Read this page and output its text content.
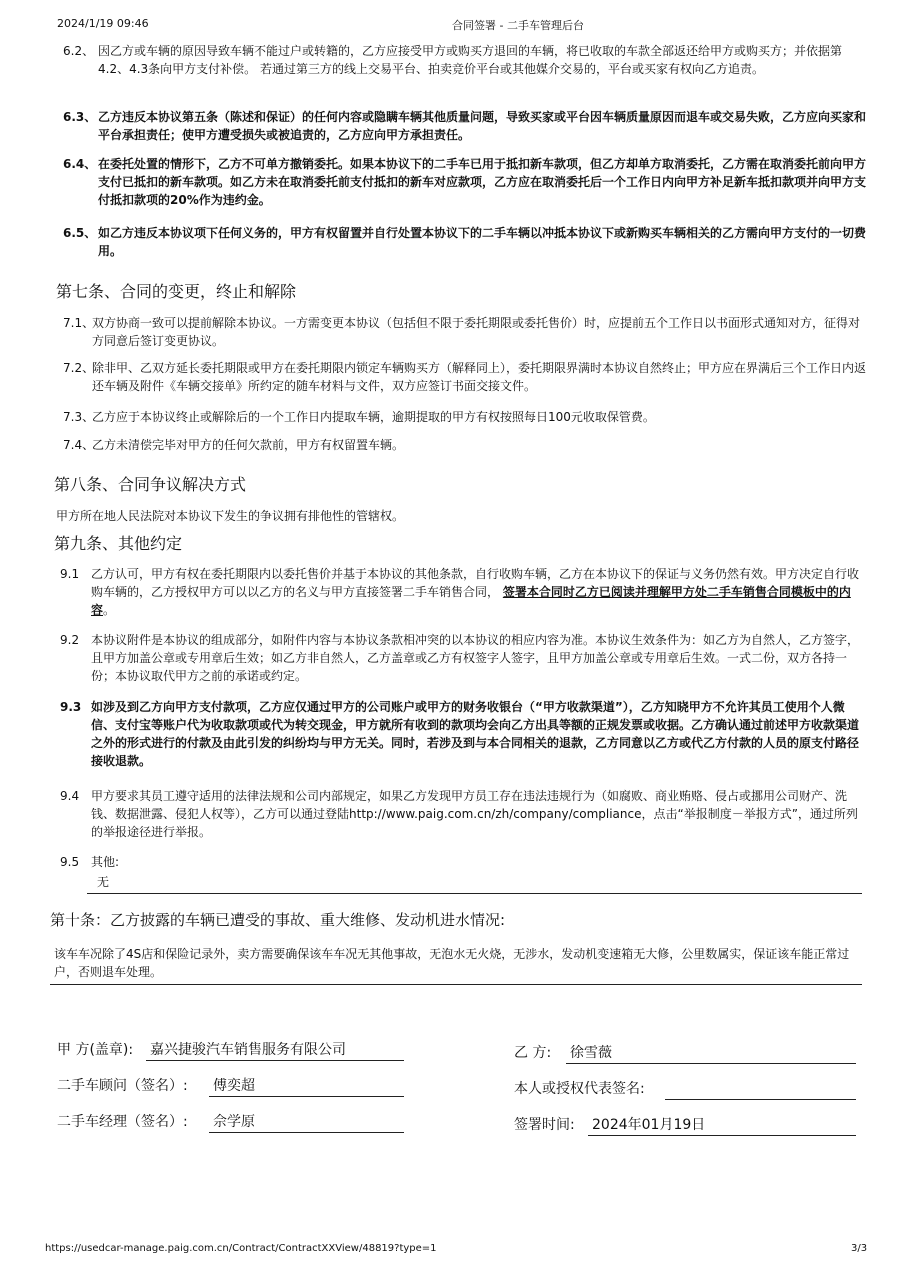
2024/1/19 09:46	合同签署 - 二手车管理后台
6.2、 因乙方或车辆的原因导致车辆不能过户或转籍的，乙方应接受甲方或购买方退回的车辆，将已收取的车款全部返还给甲方或购买方；并依据第4.2、4.3条向甲方支付补偿。 若通过第三方的线上交易平台、拍卖竞价平台或其他媒介交易的，平台或买家有权向乙方追责。
6.3、 乙方违反本协议第五条（陈述和保证）的任何内容或隐瞒车辆其他质量问题，导致买家或平台因车辆质量原因而退车或交易失败，乙方应向买家和平台承担责任；使甲方遭受损失或被追责的，乙方应向甲方承担责任。
6.4、 在委托处置的情形下，乙方不可单方撤销委托。如果本协议下的二手车已用于抵扣新车款项，但乙方却单方取消委托，乙方需在取消委托前向甲方支付已抵扣的新车款项。如乙方未在取消委托前支付抵扣的新车对应款项，乙方应在取消委托后一个工作日内向甲方补足新车抵扣款项并向甲方支付抵扣款项的20%作为违约金。
6.5、 如乙方违反本协议项下任何义务的，甲方有权留置并自行处置本协议下的二手车辆以冲抵本协议下或新购买车辆相关的乙方需向甲方支付的一切费用。
第七条、合同的变更，终止和解除
7.1、
双方协商一致可以提前解除本协议。一方需变更本协议（包括但不限于委托期限或委托售价）时，应提前五个工作日以书面形式通知对方，征得对方同意后签订变更协议。
7.2、
除非甲、乙双方延长委托期限或甲方在委托期限内锁定车辆购买方（解释同上），委托期限界满时本协议自然终止；甲方应在界满后三个工作日内返还车辆及附件《车辆交接单》所约定的随车材料与文件，双方应签订书面交接文件。
7.3、
乙方应于本协议终止或解除后的一个工作日内提取车辆，逾期提取的甲方有权按照每日100元收取保管费。
7.4、
乙方未清偿完毕对甲方的任何欠款前，甲方有权留置车辆。
第八条、合同争议解决方式
甲方所在地人民法院对本协议下发生的争议拥有排他性的管辖权。
第九条、其他约定
9.1 乙方认可，甲方有权在委托期限内以委托售价并基于本协议的其他条款，自行收购车辆，乙方在本协议下的保证与义务仍然有效。甲方决定自行收购车辆的，乙方授权甲方可以以乙方的名义与甲方直接签署二手车销售合同， 签署本合同时乙方已阅读并理解甲方处二手车销售合同模板中的内容。
9.2 本协议附件是本协议的组成部分，如附件内容与本协议条款相冲突的以本协议的相应内容为准。本协议生效条件为：如乙方为自然人，乙方签字，且甲方加盖公章或专用章后生效；如乙方非自然人，乙方盖章或乙方有权签字人签字，且甲方加盖公章或专用章后生效。一式二份，双方各持一份；本协议取代甲方之前的承诺或约定。
9.3 如涉及到乙方向甲方支付款项，乙方应仅通过甲方的公司账户或甲方的财务收银台（“甲方收款渠道”），乙方知晓甲方不允许其员工使用个人微信、支付宝等账户代为收取款项或代为转交现金，甲方就所有收到的款项均会向乙方出具等额的正规发票或收据。乙方确认通过前述甲方收款渠道之外的形式进行的付款及由此引发的纠纷均与甲方无关。同时，若涉及到与本合同相关的退款，乙方同意以乙方或代乙方付款的人员的原支付路径接收退款。
9.4 甲方要求其员工遵守适用的法律法规和公司内部规定，如果乙方发现甲方员工存在违法违规行为（如腐败、商业贿赂、侵占或挪用公司财产、洗钱、数据泄露、侵犯人权等），乙方可以通过登陆http://www.paig.com.cn/zh/company/compliance，点击“举报制度－举报方式”，通过所列的举报途径进行举报。
9.5 其他:
无
第十条：乙方披露的车辆已遭受的事故、重大维修、发动机进水情况:
该车车况除了4S店和保险记录外，卖方需要确保该车车况无其他事故，无泡水无火烧，无涉水，发动机变速箱无大修，公里数属实，保证该车能正常过户，否则退车处理。
甲 方(盖章): 嘉兴捷骏汽车销售服务有限公司	乙 方: 徐雪薇
二手车顾问（签名）: 傅奕超	本人或授权代表签名:
二手车经理（签名）: 佘学原	签署时间: 2024年01月19日
https://usedcar-manage.paig.com.cn/Contract/ContractXXView/48819?type=1	3/3
